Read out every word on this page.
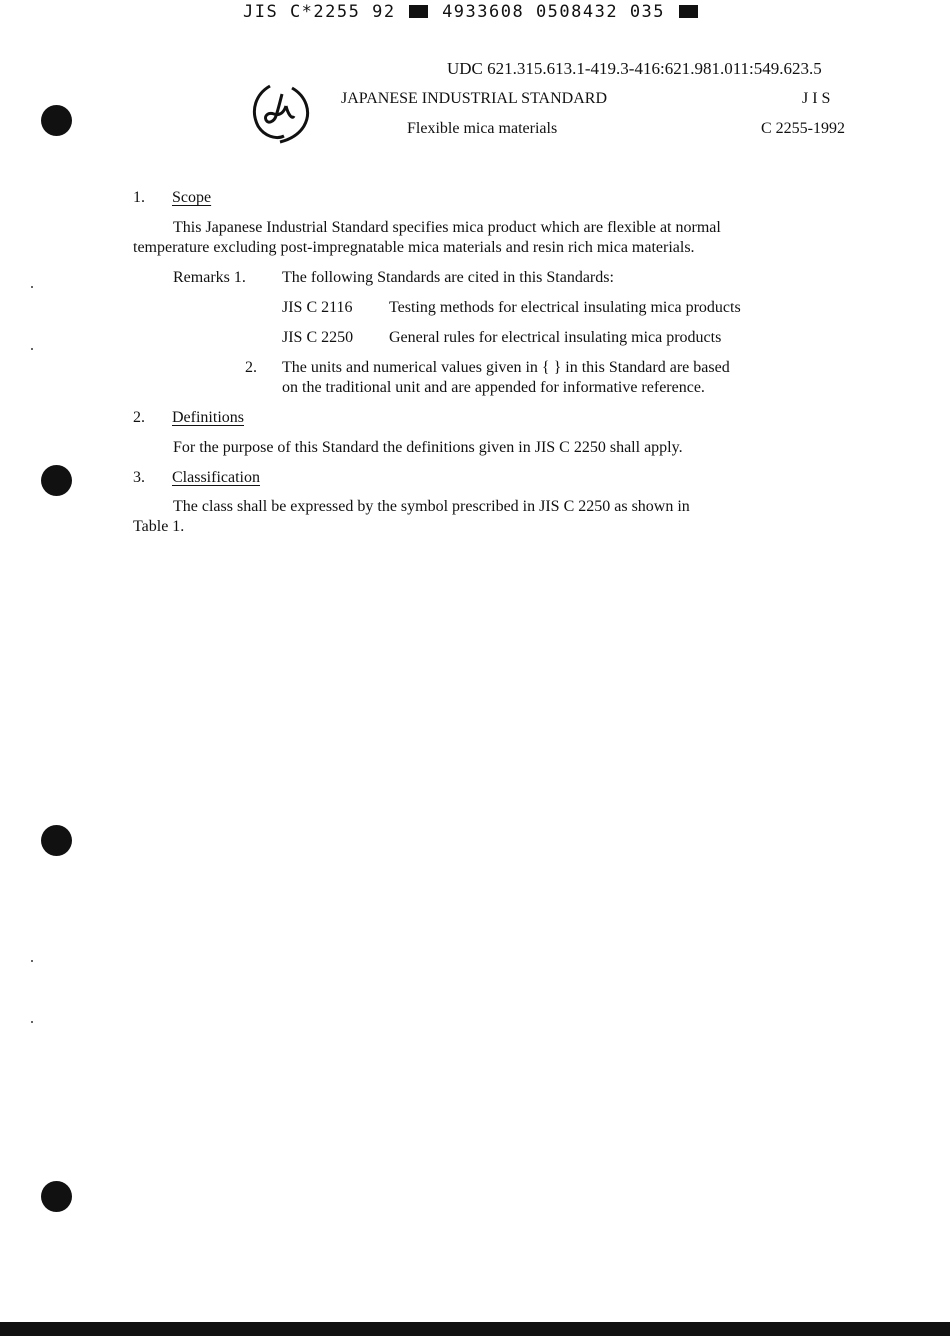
JIS C*2255 92	4933608 0508432 035
UDC 621.315.613.1-419.3-416:621.981.011:549.623.5
JAPANESE INDUSTRIAL STANDARD	J I S
Flexible mica materials	C 2255-1992
1. Scope
This Japanese Industrial Standard specifies mica product which are flexible at normal
temperature excluding post-impregnatable mica materials and resin rich mica materials.
Remarks 1. The following Standards are cited in this Standards:
JIS C 2116 Testing methods for electrical insulating mica products
JIS C 2250 General rules for electrical insulating mica products
2. The units and numerical values given in { } in this Standard are based
on the traditional unit and are appended for informative reference.
2. Definitions
For the purpose of this Standard the definitions given in JIS C 2250 shall apply.
3. Classification
The class shall be expressed by the symbol prescribed in JIS C 2250 as shown in
Table 1.
